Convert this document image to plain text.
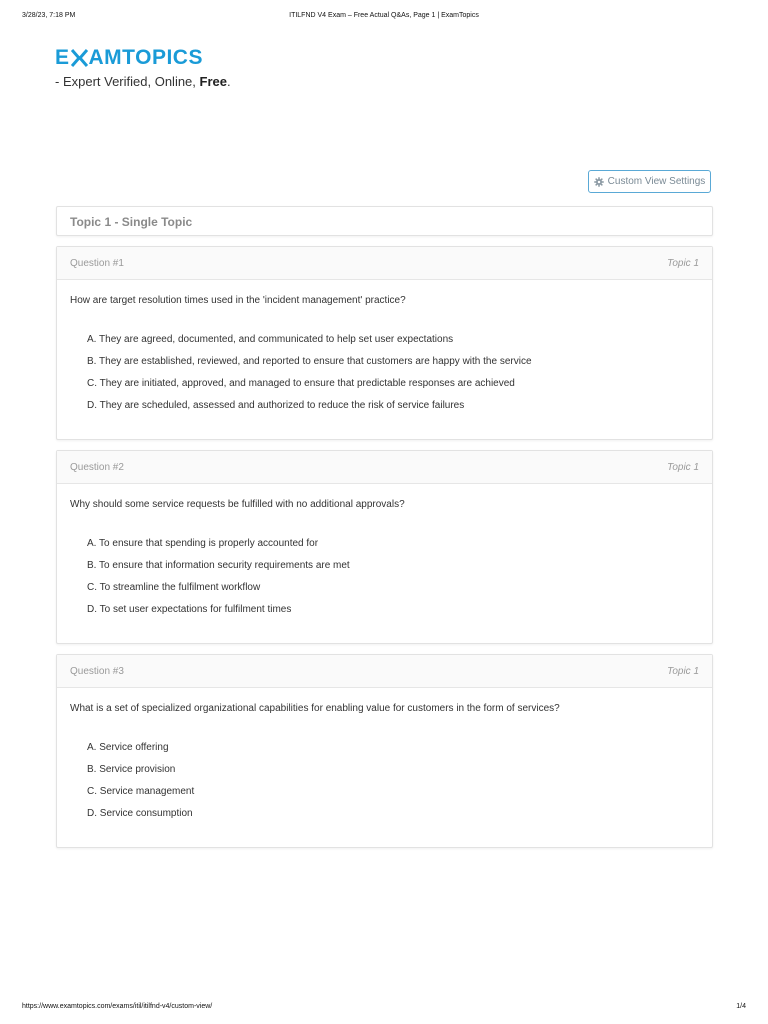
3/28/23, 7:18 PM	ITILFND V4 Exam – Free Actual Q&As, Page 1 | ExamTopics
E AMTOPICS
- Expert Verified, Online, Free.
Custom View Settings
Topic 1 - Single Topic
Question #1	Topic 1

How are target resolution times used in the 'incident management' practice?

A. They are agreed, documented, and communicated to help set user expectations
B. They are established, reviewed, and reported to ensure that customers are happy with the service
C. They are initiated, approved, and managed to ensure that predictable responses are achieved
D. They are scheduled, assessed and authorized to reduce the risk of service failures
Question #2	Topic 1

Why should some service requests be fulfilled with no additional approvals?

A. To ensure that spending is properly accounted for
B. To ensure that information security requirements are met
C. To streamline the fulfilment workflow
D. To set user expectations for fulfilment times
Question #3	Topic 1

What is a set of specialized organizational capabilities for enabling value for customers in the form of services?

A. Service offering
B. Service provision
C. Service management
D. Service consumption
https://www.examtopics.com/exams/itil/itilfnd-v4/custom-view/	1/4
